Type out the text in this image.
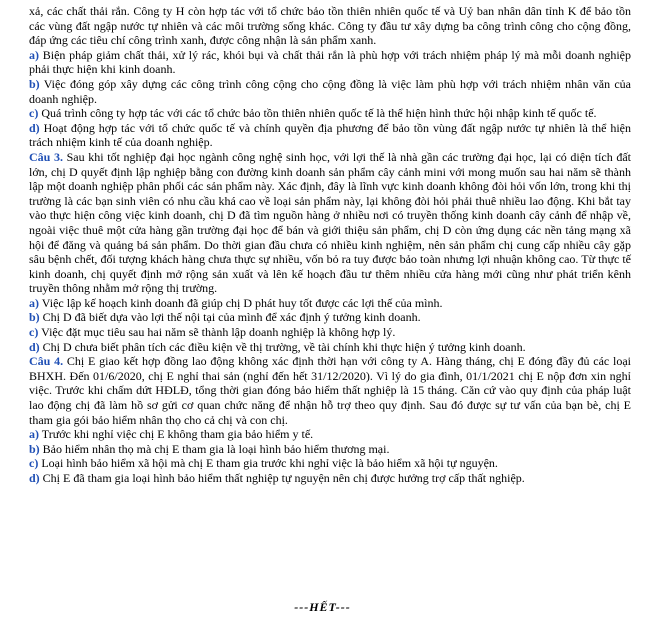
xả, các chất thải rắn. Công ty H còn hợp tác với tổ chức bảo tồn thiên nhiên quốc tế và Uỷ ban nhân dân tỉnh K để bảo tồn các vùng đất ngập nước tự nhiên và các môi trường sống khác. Công ty đầu tư xây dựng ba công trình công cho cộng đồng, đáp ứng các tiêu chí công trình xanh, được công nhận là sản phẩm xanh.

a) Biện pháp giảm chất thải, xử lý rác, khói bụi và chất thải rắn là phù hợp với trách nhiệm pháp lý mà mỗi doanh nghiệp phải thực hiện khi kinh doanh.

b) Việc đóng góp xây dựng các công trình công cộng cho cộng đồng là việc làm phù hợp với trách nhiệm nhân văn của doanh nghiệp.

c) Quá trình công ty hợp tác với các tổ chức bảo tồn thiên nhiên quốc tế là thể hiện hình thức hội nhập kinh tế quốc tế.

d) Hoạt động hợp tác với tổ chức quốc tế và chính quyền địa phương để bảo tồn vùng đất ngập nước tự nhiên là thể hiện trách nhiệm kinh tế của doanh nghiệp.

Câu 3. Sau khi tốt nghiệp đại học ngành công nghệ sinh học, với lợi thế là nhà gần các trường đại học, lại có diện tích đất lớn, chị D quyết định lập nghiệp bằng con đường kinh doanh sản phẩm cây cảnh mini với mong muốn sau hai năm sẽ thành lập một doanh nghiệp phân phối các sản phẩm này. Xác định, đây là lĩnh vực kinh doanh không đòi hỏi vốn lớn, trong khi thị trường là các bạn sinh viên có nhu cầu khá cao về loại sản phẩm này, lại không đòi hỏi phải thuê nhiều lao động. Khi bắt tay vào thực hiện công việc kinh doanh, chị D đã tìm nguồn hàng ở nhiều nơi có truyền thống kinh doanh cây cảnh để nhập về, ngoài việc thuê một cửa hàng gần trường đại học để bán và giới thiệu sản phẩm, chị D còn ứng dụng các nền tảng mạng xã hội để đăng và quảng bá sản phẩm. Do thời gian đầu chưa có nhiều kinh nghiệm, nên sản phẩm chị cung cấp nhiều cây gặp sâu bệnh chết, đối tượng khách hàng chưa thực sự nhiều, vốn bỏ ra tuy được bảo toàn nhưng lợi nhuận không cao. Từ thực tế kinh doanh, chị quyết định mở rộng sản xuất và lên kế hoạch đầu tư thêm nhiều cửa hàng mới cũng như phát triển kênh truyền thông nhằm mở rộng thị trường.

a) Việc lập kế hoạch kinh doanh đã giúp chị D phát huy tốt được các lợi thế của mình.

b) Chị D đã biết dựa vào lợi thế nội tại của mình để xác định ý tưởng kinh doanh.

c) Việc đặt mục tiêu sau hai năm sẽ thành lập doanh nghiệp là không hợp lý.

d) Chị D chưa biết phân tích các điều kiện về thị trường, về tài chính khi thực hiện ý tưởng kinh doanh.

Câu 4. Chị E giao kết hợp đồng lao động không xác định thời hạn với công ty A. Hàng tháng, chị E đóng đầy đủ các loại BHXH. Đến 01/6/2020, chị E nghỉ thai sản (nghỉ đến hết 31/12/2020). Vì lý do gia đình, 01/1/2021 chị E nộp đơn xin nghỉ việc. Trước khi chấm dứt HĐLĐ, tổng thời gian đóng bảo hiểm thất nghiệp là 15 tháng. Căn cứ vào quy định của pháp luật lao động chị đã làm hồ sơ gửi cơ quan chức năng để nhận hỗ trợ theo quy định. Sau đó được sự tư vấn của bạn bè, chị E tham gia gói bảo hiểm nhân thọ cho cả chị và con chị.

a) Trước khi nghỉ việc chị E không tham gia bảo hiểm y tế.

b) Bảo hiểm nhân thọ mà chị E tham gia là loại hình bảo hiểm thương mại.

c) Loại hình bảo hiểm xã hội mà chị E tham gia trước khi nghỉ việc là bảo hiểm xã hội tự nguyện.

d) Chị E đã tham gia loại hình bảo hiểm thất nghiệp tự nguyện nên chị được hưởng trợ cấp thất nghiệp.

---HẾT---
